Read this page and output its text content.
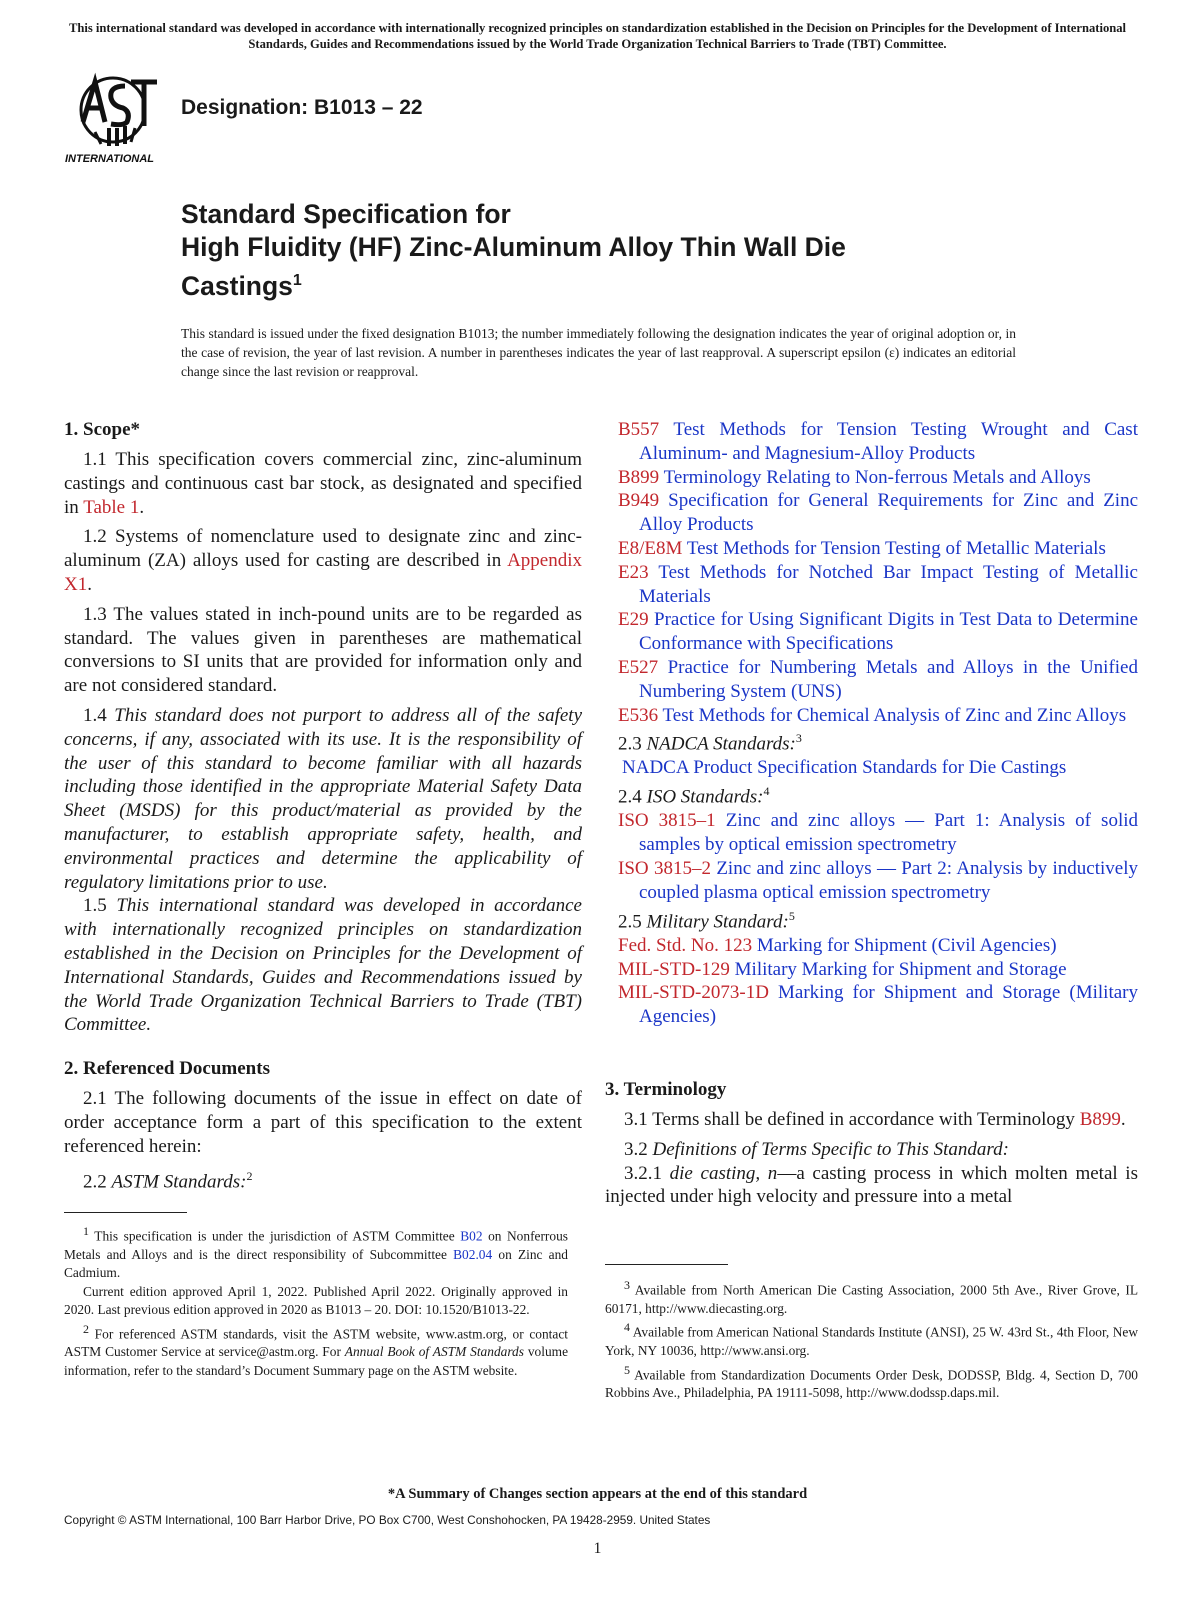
This international standard was developed in accordance with internationally recognized principles on standardization established in the Decision on Principles for the Development of International Standards, Guides and Recommendations issued by the World Trade Organization Technical Barriers to Trade (TBT) Committee.
INTERNATIONAL
Designation: B1013 – 22
Standard Specification for
High Fluidity (HF) Zinc-Aluminum Alloy Thin Wall Die
Castings$^1$
This standard is issued under the fixed designation B1013; the number immediately following the designation indicates the year of original adoption or, in the case of revision, the year of last revision. A number in parentheses indicates the year of last reapproval. A superscript epsilon (ε) indicates an editorial change since the last revision or reapproval.
1. Scope*

1.1 This specification covers commercial zinc, zinc-aluminum castings and continuous cast bar stock, as designated and specified in Table 1.

1.2 Systems of nomenclature used to designate zinc and zinc-aluminum (ZA) alloys used for casting are described in Appendix X1.

1.3 The values stated in inch-pound units are to be regarded as standard. The values given in parentheses are mathematical conversions to SI units that are provided for information only and are not considered standard.

1.4 This standard does not purport to address all of the safety concerns, if any, associated with its use. It is the responsibility of the user of this standard to become familiar with all hazards including those identified in the appropriate Material Safety Data Sheet (MSDS) for this product/material as provided by the manufacturer, to establish appropriate safety, health, and environmental practices and determine the applicability of regulatory limitations prior to use.

1.5 This international standard was developed in accordance with internationally recognized principles on standardization established in the Decision on Principles for the Development of International Standards, Guides and Recommendations issued by the World Trade Organization Technical Barriers to Trade (TBT) Committee.

2. Referenced Documents

2.1 The following documents of the issue in effect on date of order acceptance form a part of this specification to the extent referenced herein:

2.2 ASTM Standards:$^2$

$^1$ This specification is under the jurisdiction of ASTM Committee B02 on Nonferrous Metals and Alloys and is the direct responsibility of Subcommittee B02.04 on Zinc and Cadmium.

Current edition approved April 1, 2022. Published April 2022. Originally approved in 2020. Last previous edition approved in 2020 as B1013 – 20. DOI: 10.1520/B1013-22.

$^2$ For referenced ASTM standards, visit the ASTM website, www.astm.org, or contact ASTM Customer Service at service@astm.org. For Annual Book of ASTM Standards volume information, refer to the standard’s Document Summary page on the ASTM website.

B557 Test Methods for Tension Testing Wrought and Cast Aluminum- and Magnesium-Alloy Products

B899 Terminology Relating to Non-ferrous Metals and Alloys

B949 Specification for General Requirements for Zinc and Zinc Alloy Products

E8/E8M Test Methods for Tension Testing of Metallic Materials

E23 Test Methods for Notched Bar Impact Testing of Metallic Materials

E29 Practice for Using Significant Digits in Test Data to Determine Conformance with Specifications

E527 Practice for Numbering Metals and Alloys in the Unified Numbering System (UNS)

E536 Test Methods for Chemical Analysis of Zinc and Zinc Alloys

2.3 NADCA Standards:$^3$

NADCA Product Specification Standards for Die Castings

2.4 ISO Standards:$^4$

ISO 3815–1 Zinc and zinc alloys — Part 1: Analysis of solid samples by optical emission spectrometry

ISO 3815–2 Zinc and zinc alloys — Part 2: Analysis by inductively coupled plasma optical emission spectrometry

2.5 Military Standard:$^5$

Fed. Std. No. 123 Marking for Shipment (Civil Agencies)

MIL-STD-129 Military Marking for Shipment and Storage

MIL-STD-2073-1D Marking for Shipment and Storage (Military Agencies)

3. Terminology

3.1 Terms shall be defined in accordance with Terminology B899.

3.2 Definitions of Terms Specific to This Standard:

3.2.1 die casting, n—a casting process in which molten metal is injected under high velocity and pressure into a metal

$^3$ Available from North American Die Casting Association, 2000 5th Ave., River Grove, IL 60171, http://www.diecasting.org.

$^4$ Available from American National Standards Institute (ANSI), 25 W. 43rd St., 4th Floor, New York, NY 10036, http://www.ansi.org.

$^5$ Available from Standardization Documents Order Desk, DODSSP, Bldg. 4, Section D, 700 Robbins Ave., Philadelphia, PA 19111-5098, http://www.dodssp.daps.mil.

*A Summary of Changes section appears at the end of this standard
Copyright © ASTM International, 100 Barr Harbor Drive, PO Box C700, West Conshohocken, PA 19428-2959. United States
1
